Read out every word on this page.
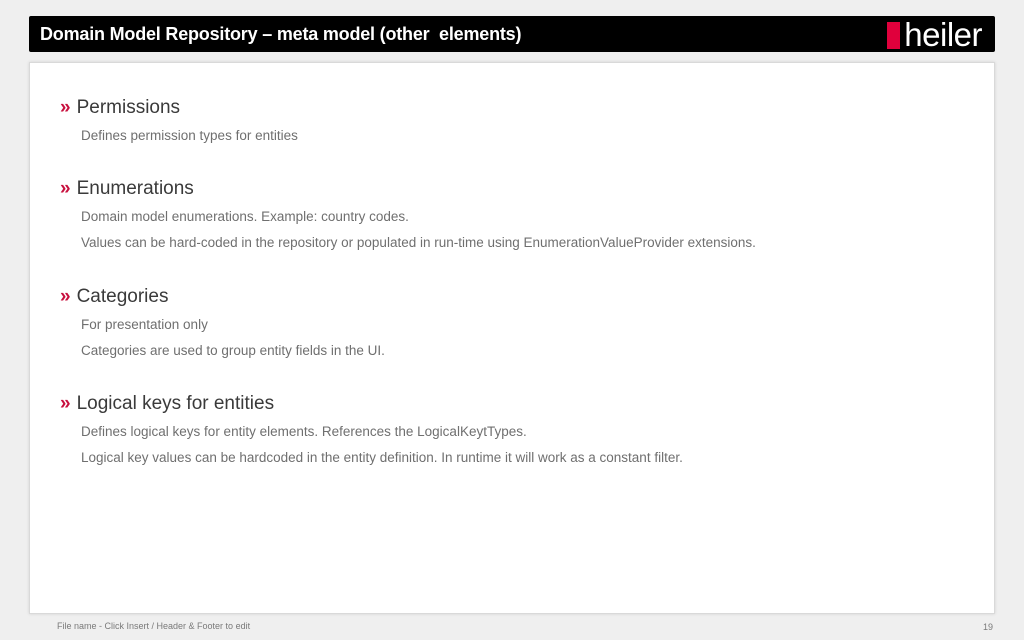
Domain Model Repository – meta model (other  elements)	heiler
» Permissions
Defines permission types for entities
» Enumerations
Domain model enumerations. Example: country codes.
Values can be hard-coded in the repository or populated in run-time using EnumerationValueProvider extensions.
» Categories
For presentation only
Categories are used to group entity fields in the UI.
» Logical keys for entities
Defines logical keys for entity elements. References the LogicalKeytTypes.
Logical key values can be hardcoded in the entity definition. In runtime it will work as a constant filter.
File name - Click Insert / Header & Footer to edit	19
